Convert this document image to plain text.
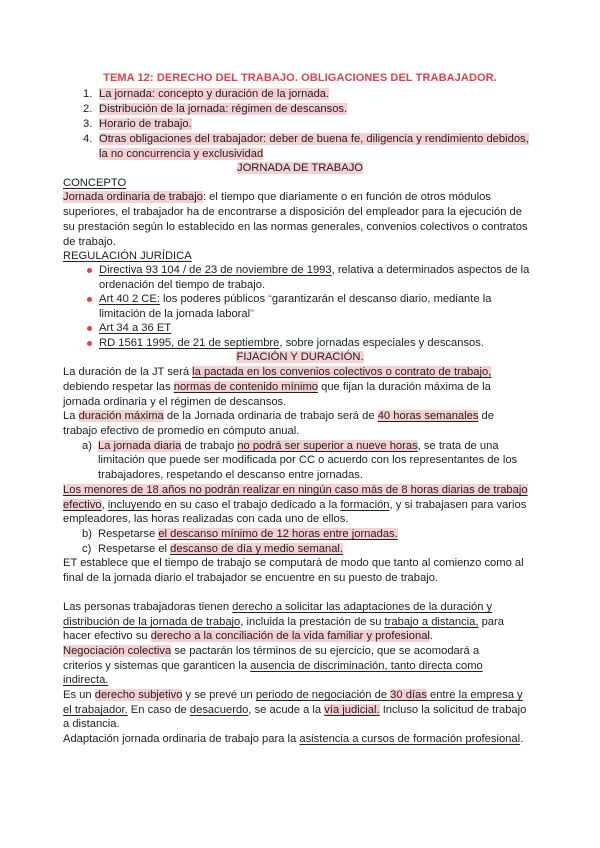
TEMA 12: DERECHO DEL TRABAJO. OBLIGACIONES DEL TRABAJADOR.
1. La jornada: concepto y duración de la jornada.
2. Distribución de la jornada: régimen de descansos.
3. Horario de trabajo.
4. Otras obligaciones del trabajador: deber de buena fe, diligencia y rendimiento debidos,
la no concurrencia y exclusividad
JORNADA DE TRABAJO
CONCEPTO
Jornada ordinaria de trabajo: el tiempo que diariamente o en función de otros módulos
superiores, el trabajador ha de encontrarse a disposición del empleador para la ejecución de
su prestación según lo establecido en las normas generales, convenios colectivos o contratos
de trabajo.
REGULACIÓN JURÍDICA
Directiva 93 104 / de 23 de noviembre de 1993, relativa a determinados aspectos de la
ordenación del tiempo de trabajo.
Art 40 2 CE: los poderes públicos “garantizarán el descanso diario, mediante la
limitación de la jornada laboral”
Art 34 a 36 ET
RD 1561 1995, de 21 de septiembre, sobre jornadas especiales y descansos.
FIJACIÓN Y DURACIÓN.
La duración de la JT será la pactada en los convenios colectivos o contrato de trabajo,
debiendo respetar las normas de contenido mínimo que fijan la duración máxima de la
jornada ordinaria y el régimen de descansos.
La duración máxima de la Jornada ordinaria de trabajo será de 40 horas semanales de
trabajo efectivo de promedio en cómputo anual.
a) La jornada diaria de trabajo no podrá ser superior a nueve horas, se trata de una
limitación que puede ser modificada por CC o acuerdo con los representantes de los
trabajadores, respetando el descanso entre jornadas.
Los menores de 18 años no podrán realizar en ningún caso más de 8 horas diarias de trabajo
efectivo, incluyendo en su caso el trabajo dedicado a la formación, y si trabajasen para varios
empleadores, las horas realizadas con cada uno de ellos.
b) Respetarse el descanso mínimo de 12 horas entre jornadas.
c) Respetarse el descanso de día y medio semanal.
ET establece que el tiempo de trabajo se computará de modo que tanto al comienzo como al
final de la jornada diario el trabajador se encuentre en su puesto de trabajo.
Las personas trabajadoras tienen derecho a solicitar las adaptaciones de la duración y
distribución de la jornada de trabajo, incluida la prestación de su trabajo a distancia, para
hacer efectivo su derecho a la conciliación de la vida familiar y profesional.
Negociación colectiva se pactarán los términos de su ejercicio, que se acomodará a
criterios y sistemas que garanticen la ausencia de discriminación, tanto directa como
indirecta.
Es un derecho subjetivo y se prevé un periodo de negociación de 30 días entre la empresa y
el trabajador. En caso de desacuerdo, se acude a la vía judicial. Incluso la solicitud de trabajo
a distancia.
Adaptación jornada ordinaria de trabajo para la asistencia a cursos de formación profesional.
